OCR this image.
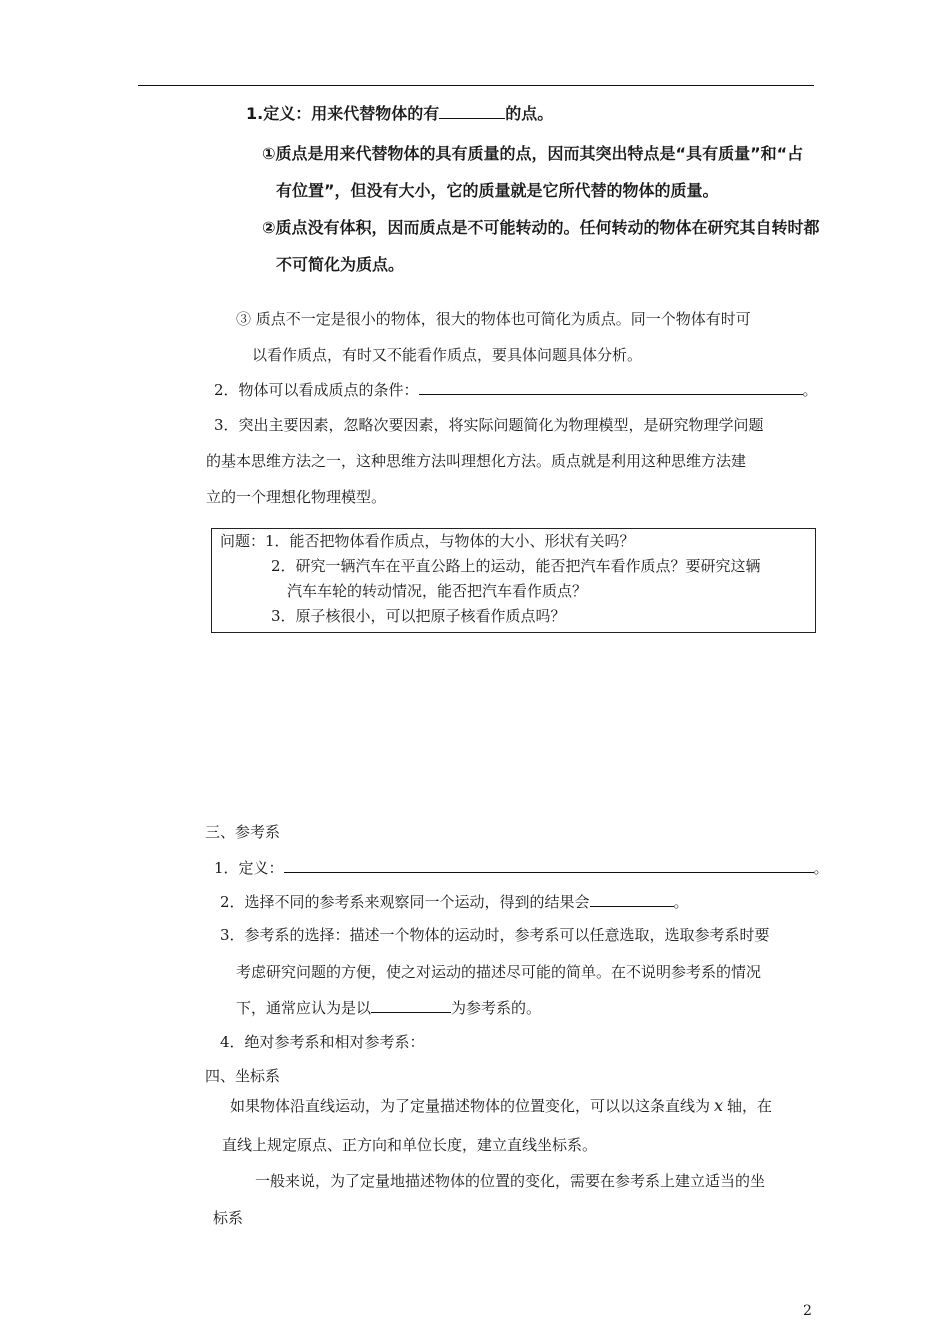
1.定义：用来代替物体的有	的点。
①质点是用来代替物体的具有质量的点，因而其突出特点是“具有质量”和“占
有位置”，但没有大小，它的质量就是它所代替的物体的质量。
②质点没有体积，因而质点是不可能转动的。任何转动的物体在研究其自转时都
不可简化为质点。
③ 质点不一定是很小的物体，很大的物体也可简化为质点。同一个物体有时可
以看作质点，有时又不能看作质点，要具体问题具体分析。
2．物体可以看成质点的条件：	。
3．突出主要因素，忽略次要因素，将实际问题简化为物理模型，是研究物理学问题
的基本思维方法之一，这种思维方法叫理想化方法。质点就是利用这种思维方法建
立的一个理想化物理模型。
问题：1．能否把物体看作质点，与物体的大小、形状有关吗？
2．研究一辆汽车在平直公路上的运动，能否把汽车看作质点？要研究这辆
汽车车轮的转动情况，能否把汽车看作质点？
3．原子核很小，可以把原子核看作质点吗？
三、参考系
1．定义：	。
2．选择不同的参考系来观察同一个运动，得到的结果会	。
3．参考系的选择：描述一个物体的运动时，参考系可以任意选取，选取参考系时要
考虑研究问题的方便，使之对运动的描述尽可能的简单。在不说明参考系的情况
下，通常应认为是以	为参考系的。
4．绝对参考系和相对参考系：
四、坐标系
如果物体沿直线运动，为了定量描述物体的位置变化，可以以这条直线为 x 轴，在
直线上规定原点、正方向和单位长度，建立直线坐标系。
一般来说，为了定量地描述物体的位置的变化，需要在参考系上建立适当的坐
标系
2
